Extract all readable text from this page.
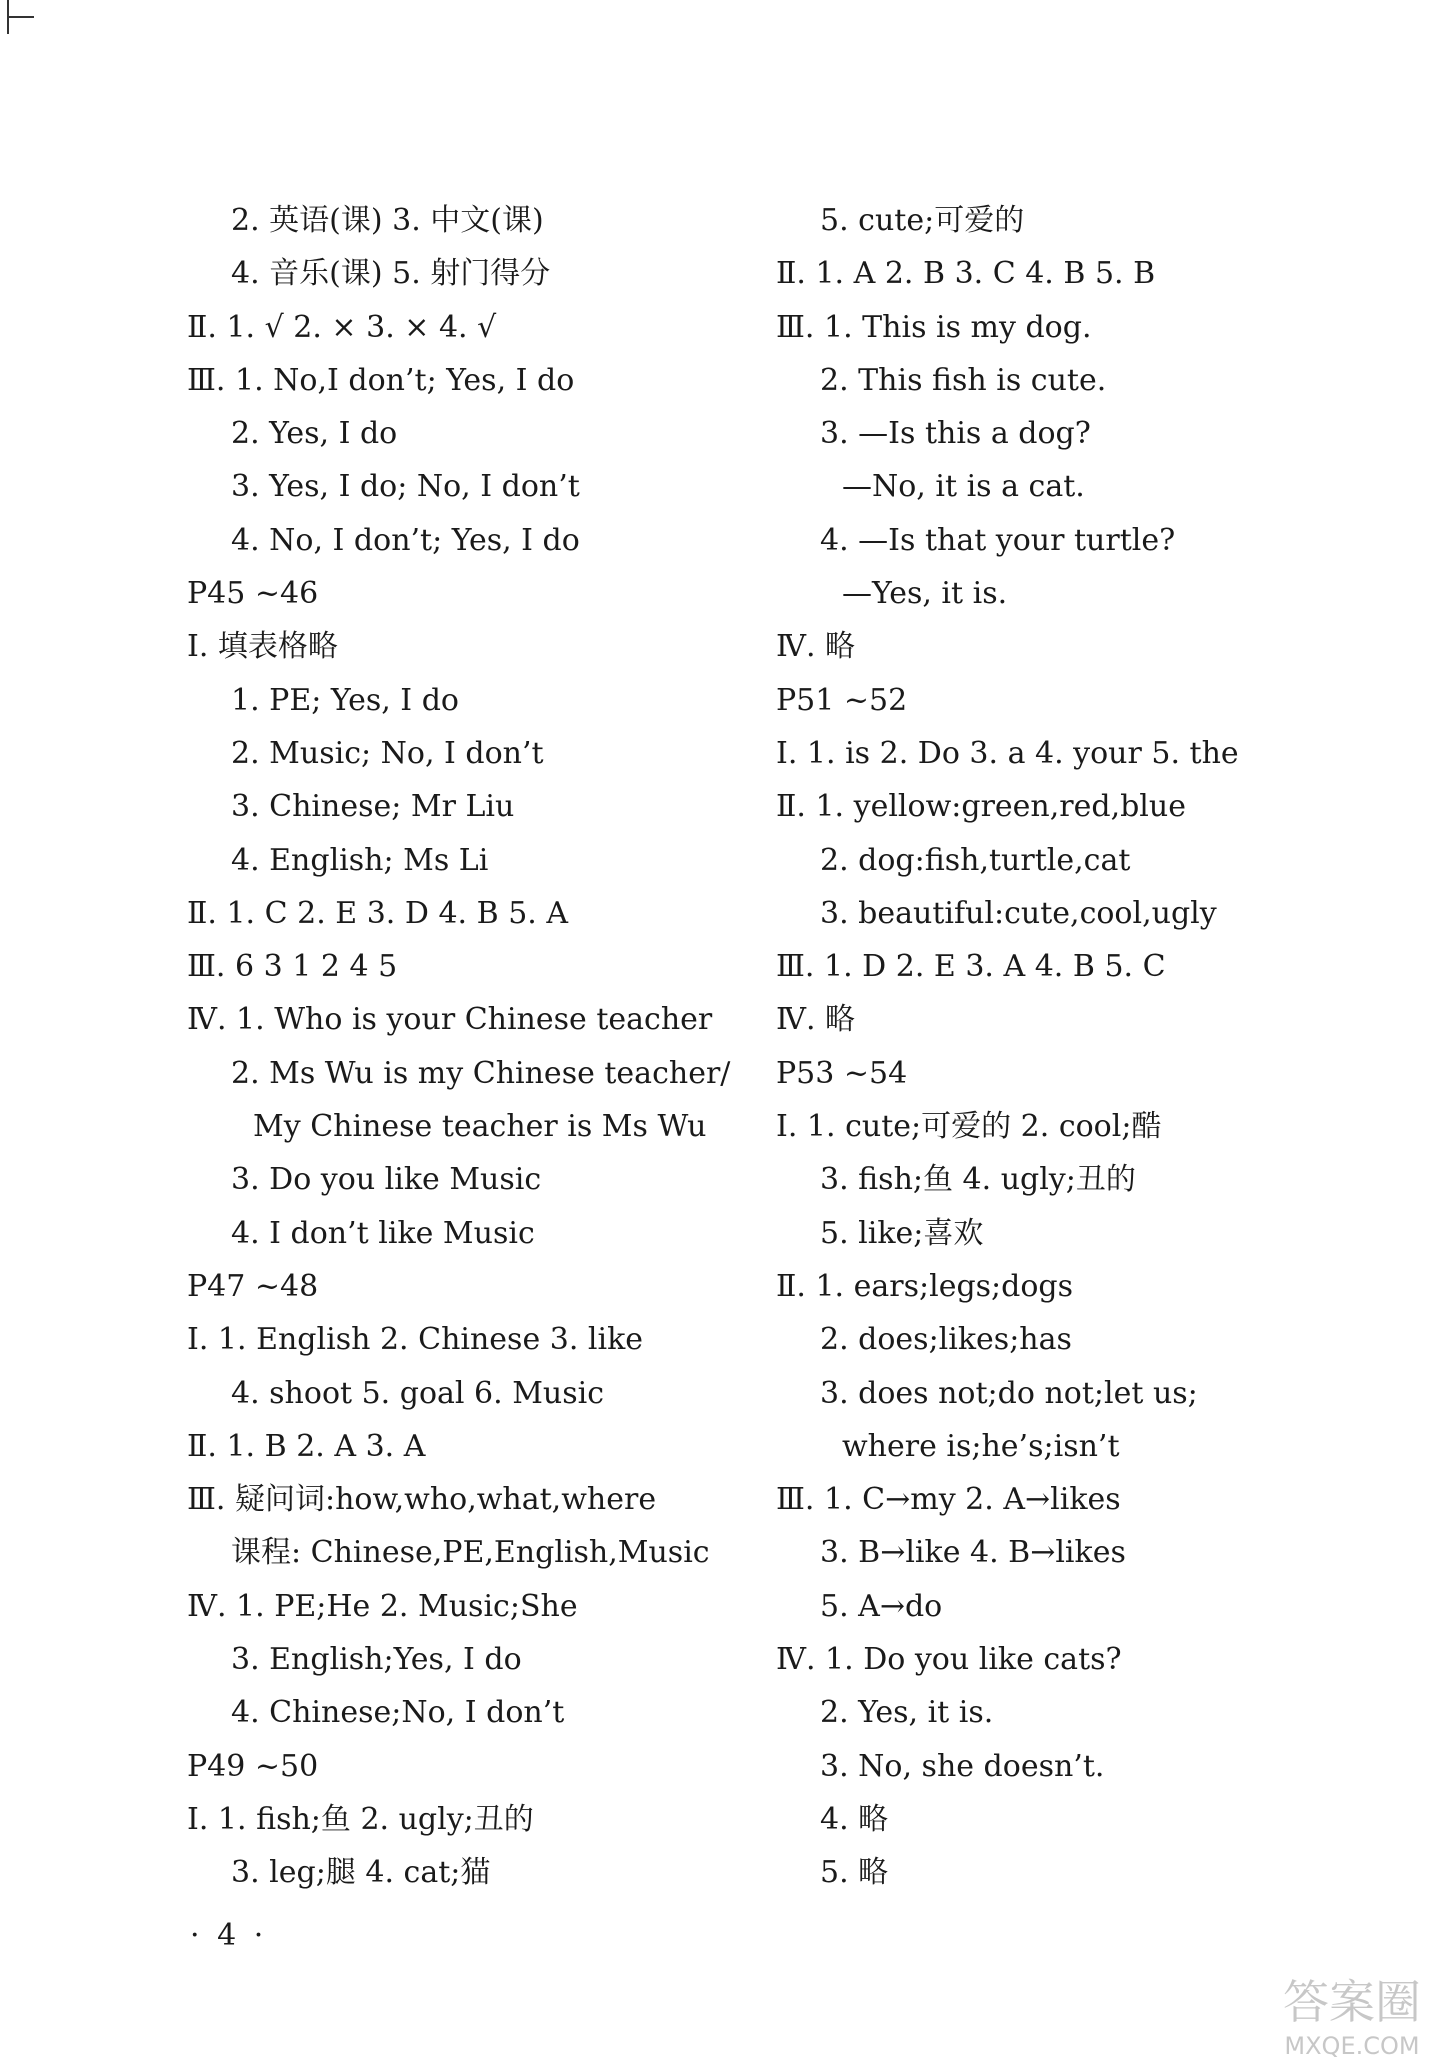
2. 英语(课) 3. 中文(课)
4. 音乐(课) 5. 射门得分
Ⅱ. 1. √ 2. × 3. × 4. √
Ⅲ. 1. No,I don’t; Yes, I do
2. Yes, I do
3. Yes, I do; No, I don’t
4. No, I don’t; Yes, I do
P45 ~46
Ⅰ. 填表格略
1. PE; Yes, I do
2. Music; No, I don’t
3. Chinese; Mr Liu
4. English; Ms Li
Ⅱ. 1. C 2. E 3. D 4. B 5. A
Ⅲ. 6 3 1 2 4 5
Ⅳ. 1. Who is your Chinese teacher
2. Ms Wu is my Chinese teacher/
My Chinese teacher is Ms Wu
3. Do you like Music
4. I don’t like Music
P47 ~48
Ⅰ. 1. English 2. Chinese 3. like
4. shoot 5. goal 6. Music
Ⅱ. 1. B 2. A 3. A
Ⅲ. 疑问词:how,who,what,where
课程: Chinese,PE,English,Music
Ⅳ. 1. PE;He 2. Music;She
3. English;Yes, I do
4. Chinese;No, I don’t
P49 ~50
Ⅰ. 1. fish;鱼 2. ugly;丑的
3. leg;腿 4. cat;猫
5. cute;可爱的
Ⅱ. 1. A 2. B 3. C 4. B 5. B
Ⅲ. 1. This is my dog.
2. This fish is cute.
3. —Is this a dog?
—No, it is a cat.
4. —Is that your turtle?
—Yes, it is.
Ⅳ. 略
P51 ~52
Ⅰ. 1. is 2. Do 3. a 4. your 5. the
Ⅱ. 1. yellow:green,red,blue
2. dog:fish,turtle,cat
3. beautiful:cute,cool,ugly
Ⅲ. 1. D 2. E 3. A 4. B 5. C
Ⅳ. 略
P53 ~54
Ⅰ. 1. cute;可爱的 2. cool;酷
3. fish;鱼 4. ugly;丑的
5. like;喜欢
Ⅱ. 1. ears;legs;dogs
2. does;likes;has
3. does not;do not;let us;
where is;he’s;isn’t
Ⅲ. 1. C→my 2. A→likes
3. B→like 4. B→likes
5. A→do
Ⅳ. 1. Do you like cats?
2. Yes, it is.
3. No, she doesn’t.
4. 略
5. 略
· 4 ·
答案圈
MXQE.COM
